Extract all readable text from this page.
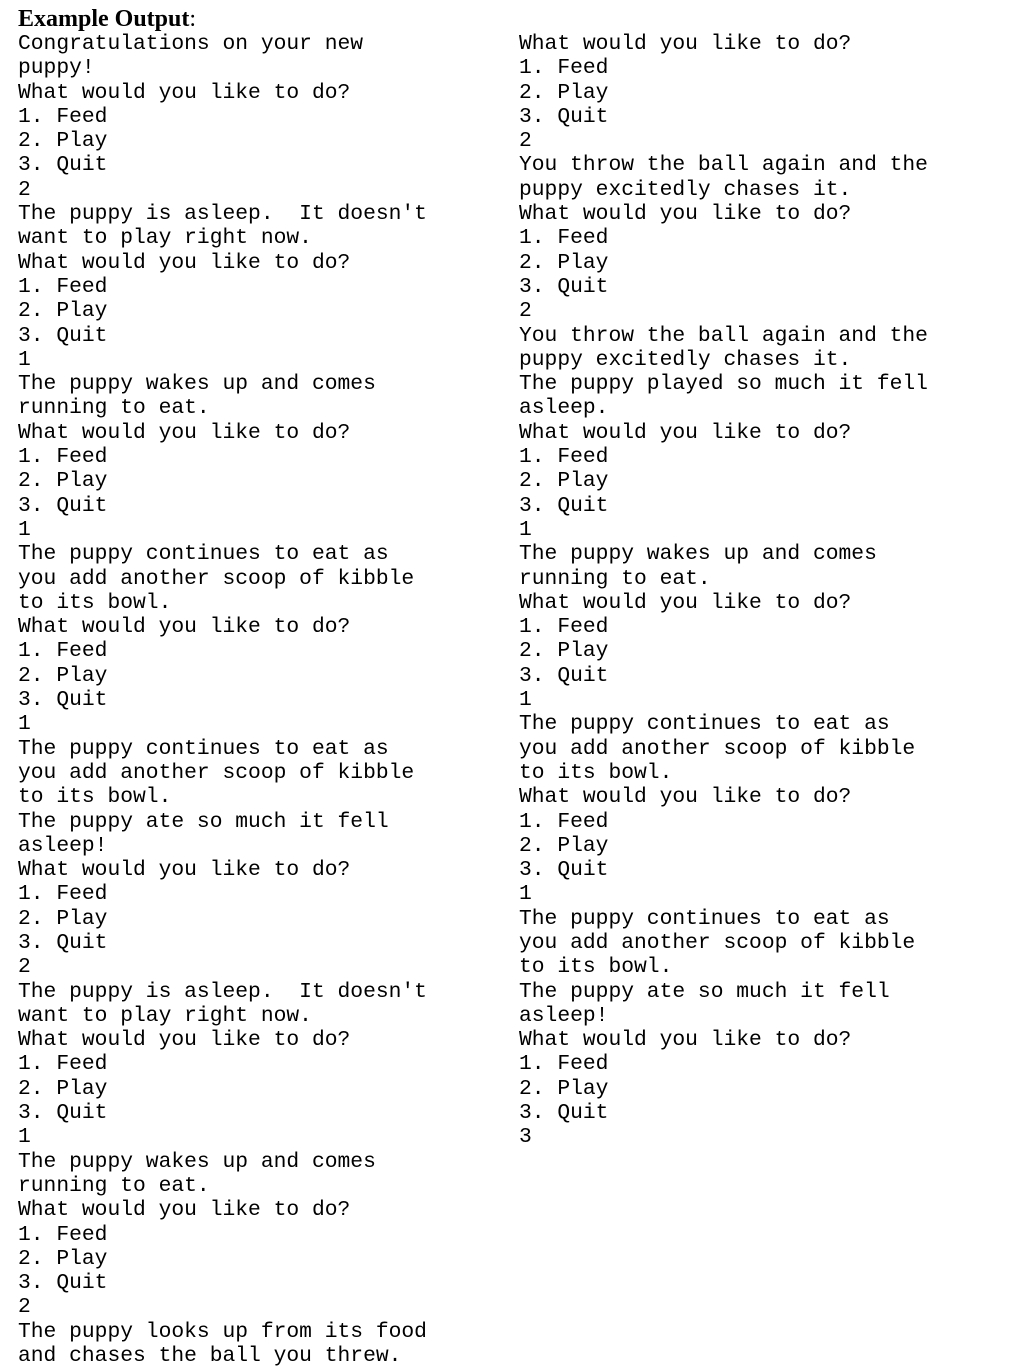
Example Output:
Congratulations on your new
puppy!
What would you like to do?
1. Feed
2. Play
3. Quit
2
The puppy is asleep.  It doesn't
want to play right now.
What would you like to do?
1. Feed
2. Play
3. Quit
1
The puppy wakes up and comes
running to eat.
What would you like to do?
1. Feed
2. Play
3. Quit
1
The puppy continues to eat as
you add another scoop of kibble
to its bowl.
What would you like to do?
1. Feed
2. Play
3. Quit
1
The puppy continues to eat as
you add another scoop of kibble
to its bowl.
The puppy ate so much it fell
asleep!
What would you like to do?
1. Feed
2. Play
3. Quit
2
The puppy is asleep.  It doesn't
want to play right now.
What would you like to do?
1. Feed
2. Play
3. Quit
1
The puppy wakes up and comes
running to eat.
What would you like to do?
1. Feed
2. Play
3. Quit
2
The puppy looks up from its food
and chases the ball you threw.
What would you like to do?
1. Feed
2. Play
3. Quit
2
You throw the ball again and the
puppy excitedly chases it.
What would you like to do?
1. Feed
2. Play
3. Quit
2
You throw the ball again and the
puppy excitedly chases it.
The puppy played so much it fell
asleep.
What would you like to do?
1. Feed
2. Play
3. Quit
1
The puppy wakes up and comes
running to eat.
What would you like to do?
1. Feed
2. Play
3. Quit
1
The puppy continues to eat as
you add another scoop of kibble
to its bowl.
What would you like to do?
1. Feed
2. Play
3. Quit
1
The puppy continues to eat as
you add another scoop of kibble
to its bowl.
The puppy ate so much it fell
asleep!
What would you like to do?
1. Feed
2. Play
3. Quit
3
